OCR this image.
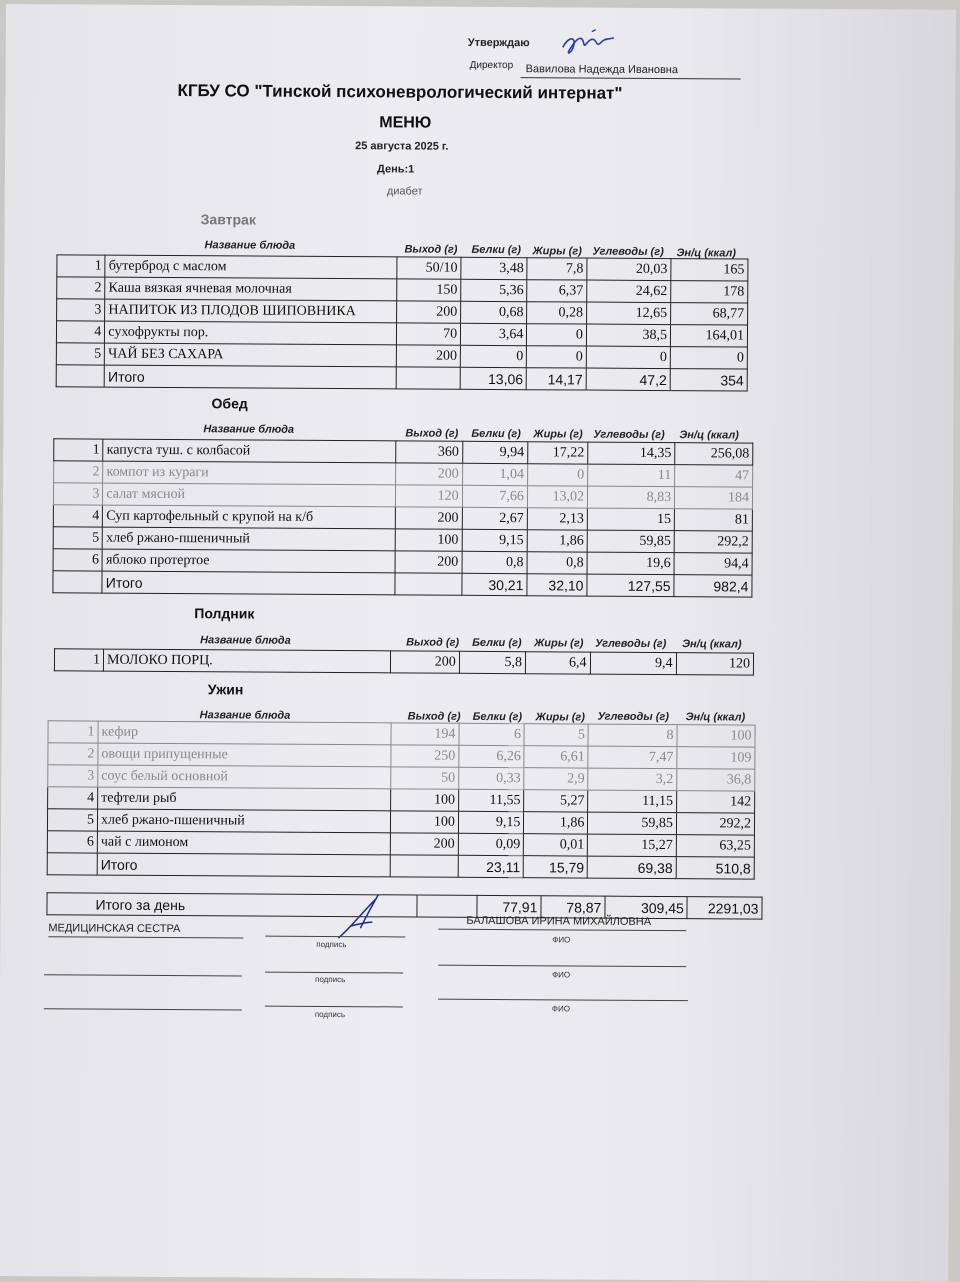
Утверждаю
Директор Вавилова Надежда Ивановна
КГБУ СО "Тинской психоневрологический интернат"
МЕНЮ
25 августа 2025 г.
День:1
диабет
Завтрак
Название блюда	Выход (г) Белки (г) Жиры (г) Углеводы (г) Эн/ц (ккал)
1	бутерброд с маслом	50/10	3,48	7,8	20,03	165
2	Каша вязкая ячневая молочная	150	5,36	6,37	24,62	178
3	НАПИТОК ИЗ ПЛОДОВ ШИПОВНИКА	200	0,68	0,28	12,65	68,77
4	сухофрукты пор.	70	3,64	0	38,5	164,01
5	ЧАЙ БЕЗ САХАРА	200	0	0	0	0
	Итого		13,06	14,17	47,2	354
Обед
Название блюда	Выход (г) Белки (г) Жиры (г) Углеводы (г) Эн/ц (ккал)
1	капуста туш. с колбасой	360	9,94	17,22	14,35	256,08
2	компот из кураги	200	1,04	0	11	47
3	салат мясной	120	7,66	13,02	8,83	184
4	Суп картофельный с крупой на к/б	200	2,67	2,13	15	81
5	хлеб ржано-пшеничный	100	9,15	1,86	59,85	292,2
6	яблоко протертое	200	0,8	0,8	19,6	94,4
	Итого		30,21	32,10	127,55	982,4
Полдник
Название блюда	Выход (г) Белки (г) Жиры (г) Углеводы (г) Эн/ц (ккал)
1	МОЛОКО ПОРЦ.	200	5,8	6,4	9,4	120
Ужин
Название блюда	Выход (г) Белки (г) Жиры (г) Углеводы (г) Эн/ц (ккал)
1	кефир	194	6	5	8	100
2	овощи припущенные	250	6,26	6,61	7,47	109
3	соус белый основной	50	0,33	2,9	3,2	36,8
4	тефтели рыб	100	11,55	5,27	11,15	142
5	хлеб ржано-пшеничный	100	9,15	1,86	59,85	292,2
6	чай с лимоном	200	0,09	0,01	15,27	63,25
	Итого		23,11	15,79	69,38	510,8
Итого за день		77,91	78,87	309,45	2291,03
МЕДИЦИНСКАЯ СЕСТРА
БАЛАШОВА ИРИНА МИХАЙЛОВНА
подпись
ФИО
подпись	ФИО
подпись
ФИО
